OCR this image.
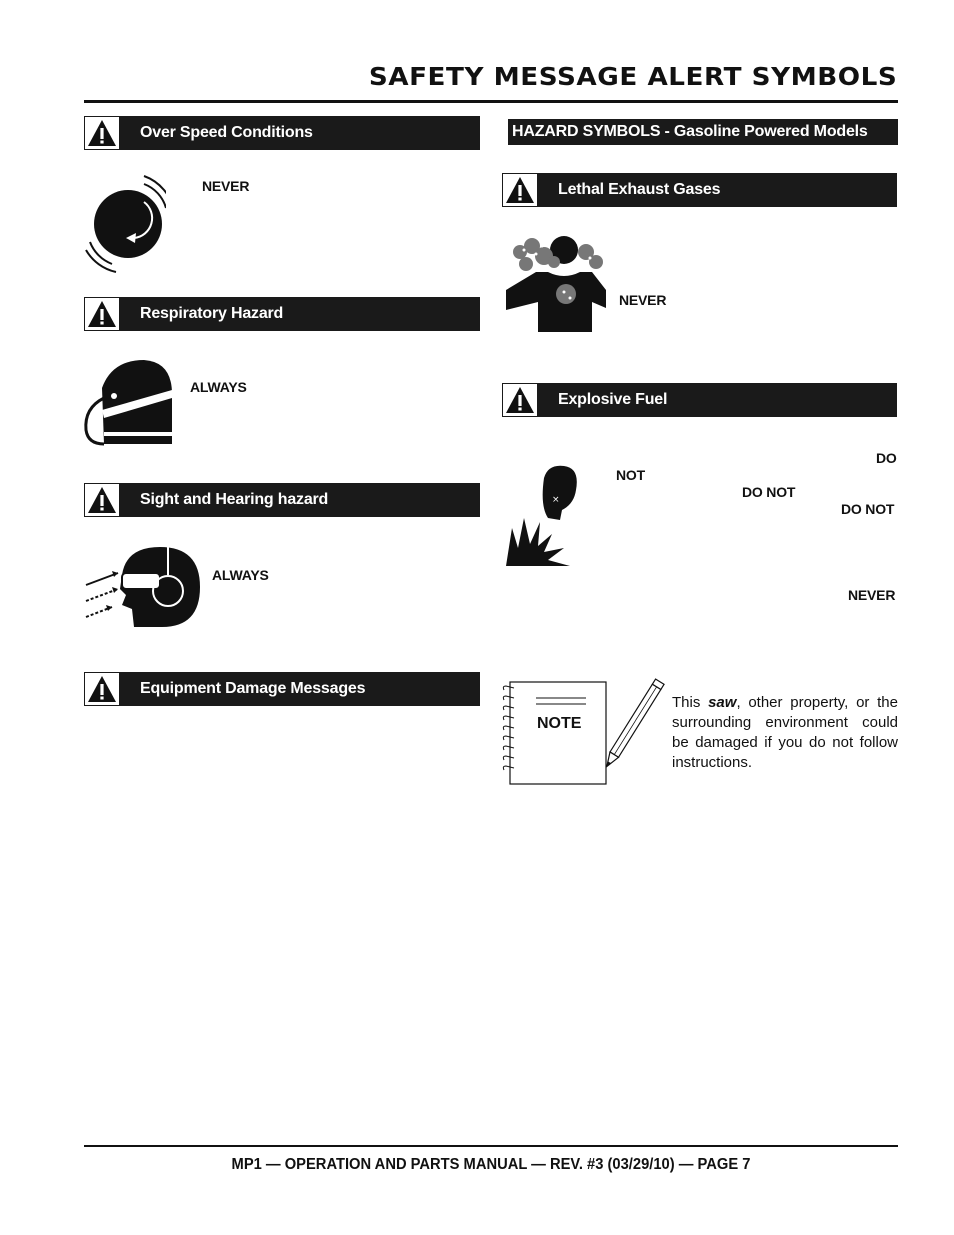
SAFETY MESSAGE ALERT SYMBOLS
Over Speed Conditions
NEVER
Respiratory Hazard
ALWAYS
Sight and Hearing hazard
ALWAYS
Equipment Damage Messages
HAZARD SYMBOLS - Gasoline Powered Models
Lethal Exhaust Gases
NEVER
Explosive Fuel
×
DO
NOT
DO NOT
DO NOT
NEVER
NOTE
This saw, other property, or the surrounding environment could be damaged if you do not follow instructions.
MP1 — OPERATION AND PARTS MANUAL — REV. #3 (03/29/10) — PAGE 7
